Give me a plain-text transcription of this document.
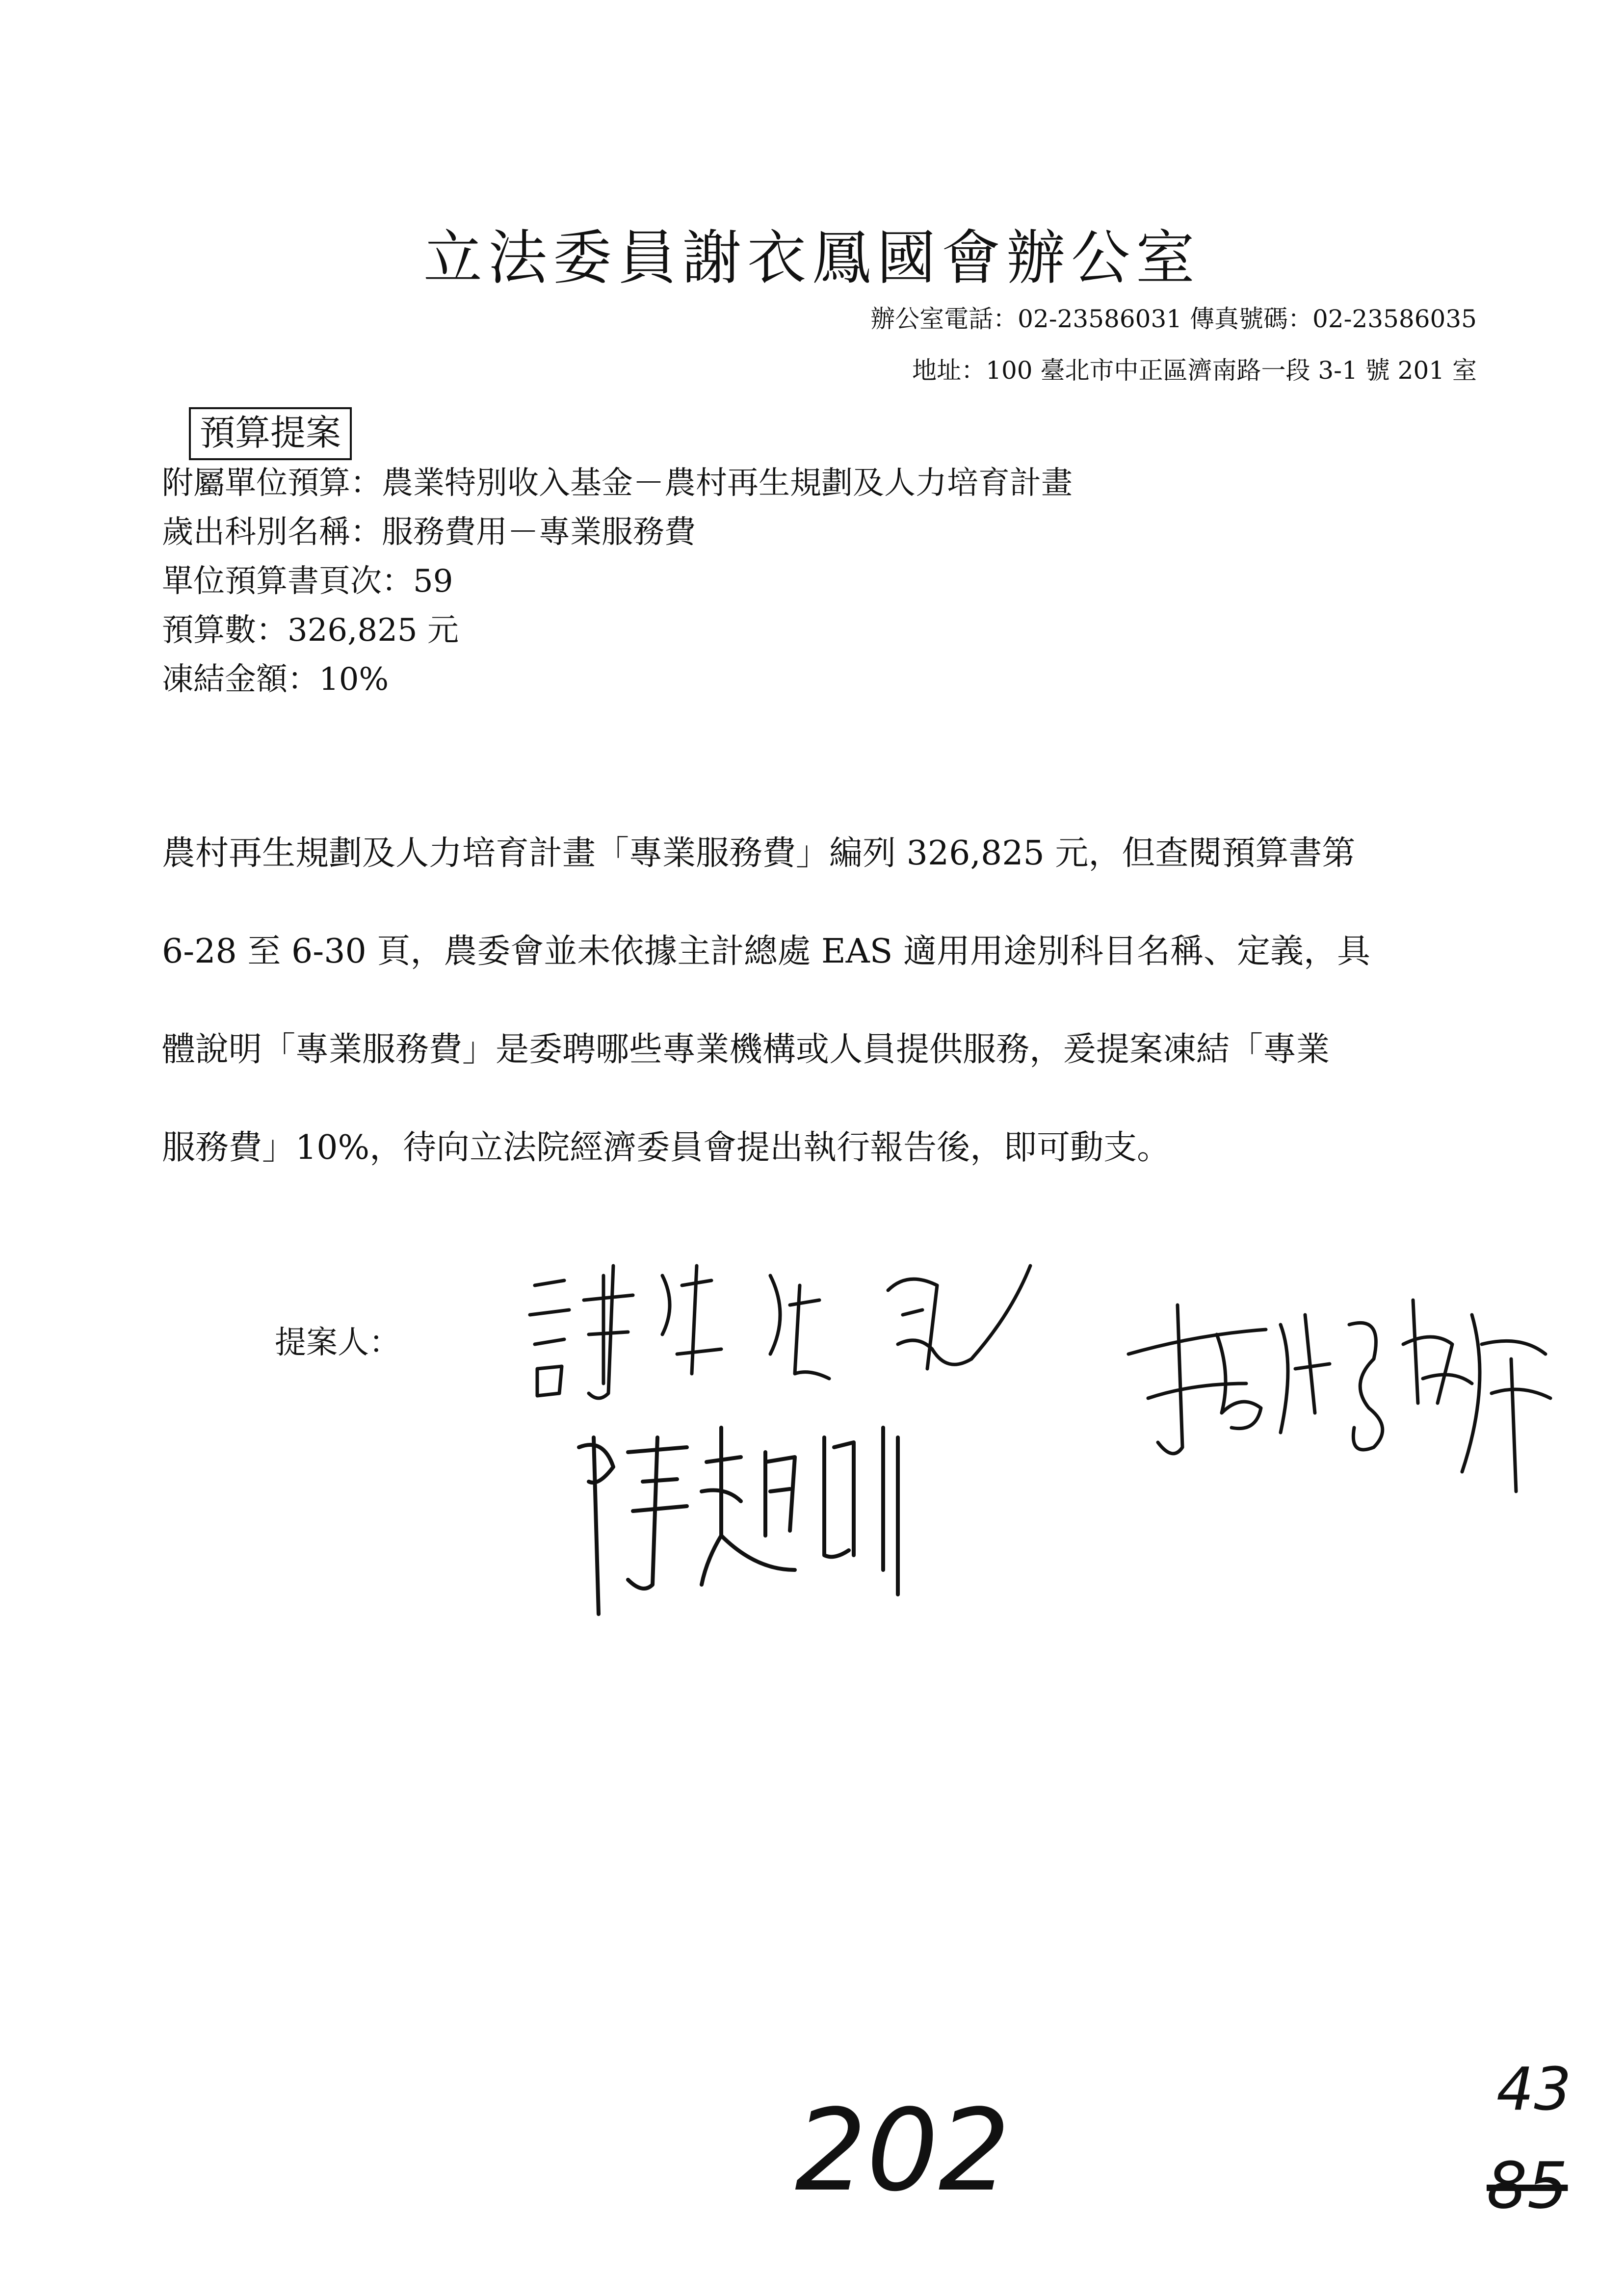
立法委員謝衣鳳國會辦公室
辦公室電話：02-23586031 傳真號碼：02-23586035
地址：100 臺北市中正區濟南路一段 3-1 號 201 室
預算提案
附屬單位預算：農業特別收入基金－農村再生規劃及人力培育計畫
歲出科別名稱：服務費用－專業服務費
單位預算書頁次：59
預算數：326,825 元
凍結金額：10%
農村再生規劃及人力培育計畫「專業服務費」編列 326,825 元，但查閱預算書第
6-28 至 6-30 頁，農委會並未依據主計總處 EAS 適用用途別科目名稱、定義，具
體說明「專業服務費」是委聘哪些專業機構或人員提供服務，爰提案凍結「專業
服務費」10%，待向立法院經濟委員會提出執行報告後，即可動支。
提案人：
202	43
85
